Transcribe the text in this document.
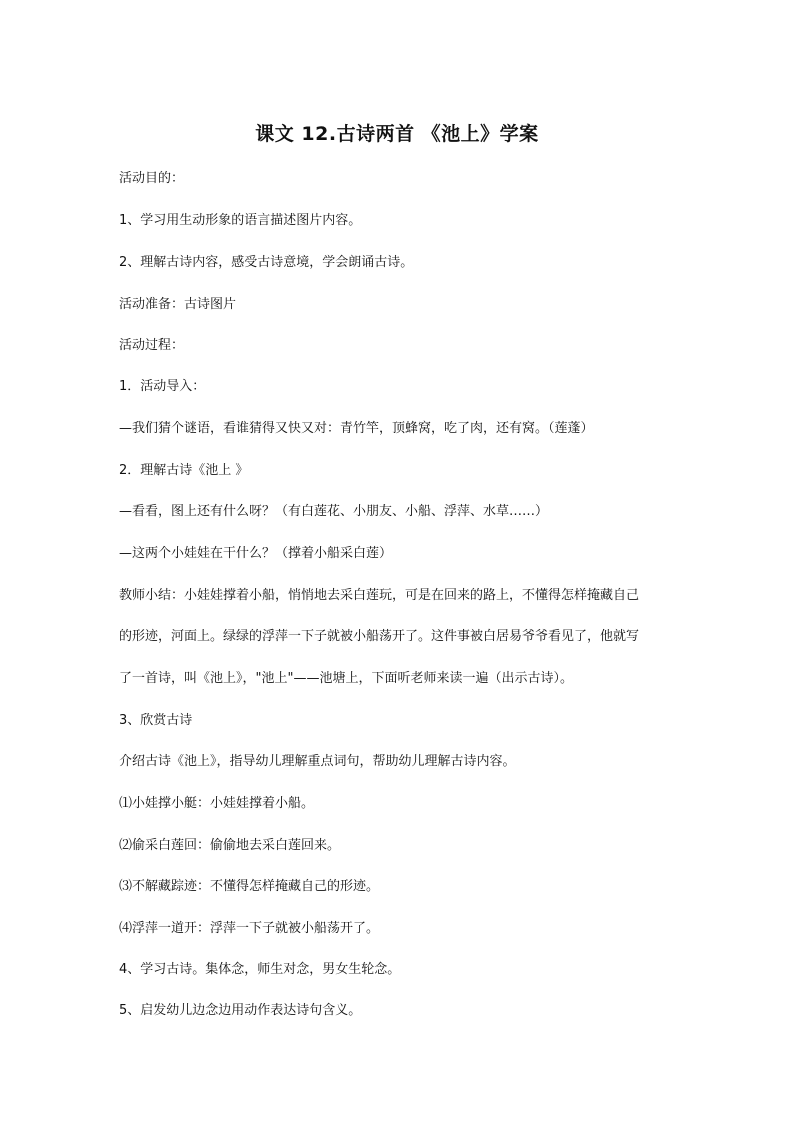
课文 12.古诗两首 《池上》学案
活动目的：
1、学习用生动形象的语言描述图片内容。
2、理解古诗内容，感受古诗意境，学会朗诵古诗。
活动准备：古诗图片
活动过程：
1．活动导入：
—我们猜个谜语，看谁猜得又快又对：青竹竿，顶蜂窝，吃了肉，还有窝。（莲蓬）
2．理解古诗《池上 》
—看看，图上还有什么呀？（有白莲花、小朋友、小船、浮萍、水草……）
—这两个小娃娃在干什么？（撑着小船采白莲）
教师小结：小娃娃撑着小船，悄悄地去采白莲玩，可是在回来的路上，不懂得怎样掩藏自己
的形迹，河面上。绿绿的浮萍一下子就被小船荡开了。这件事被白居易爷爷看见了，他就写
了一首诗，叫《池上》，"池上"——池塘上，下面听老师来读一遍（出示古诗）。
3、欣赏古诗
介绍古诗《池上》，指导幼儿理解重点词句，帮助幼儿理解古诗内容。
⑴小娃撑小艇：小娃娃撑着小船。
⑵偷采白莲回：偷偷地去采白莲回来。
⑶不解藏踪迹：不懂得怎样掩藏自己的形迹。
⑷浮萍一道开：浮萍一下子就被小船荡开了。
4、学习古诗。集体念，师生对念，男女生轮念。
5、启发幼儿边念边用动作表达诗句含义。
